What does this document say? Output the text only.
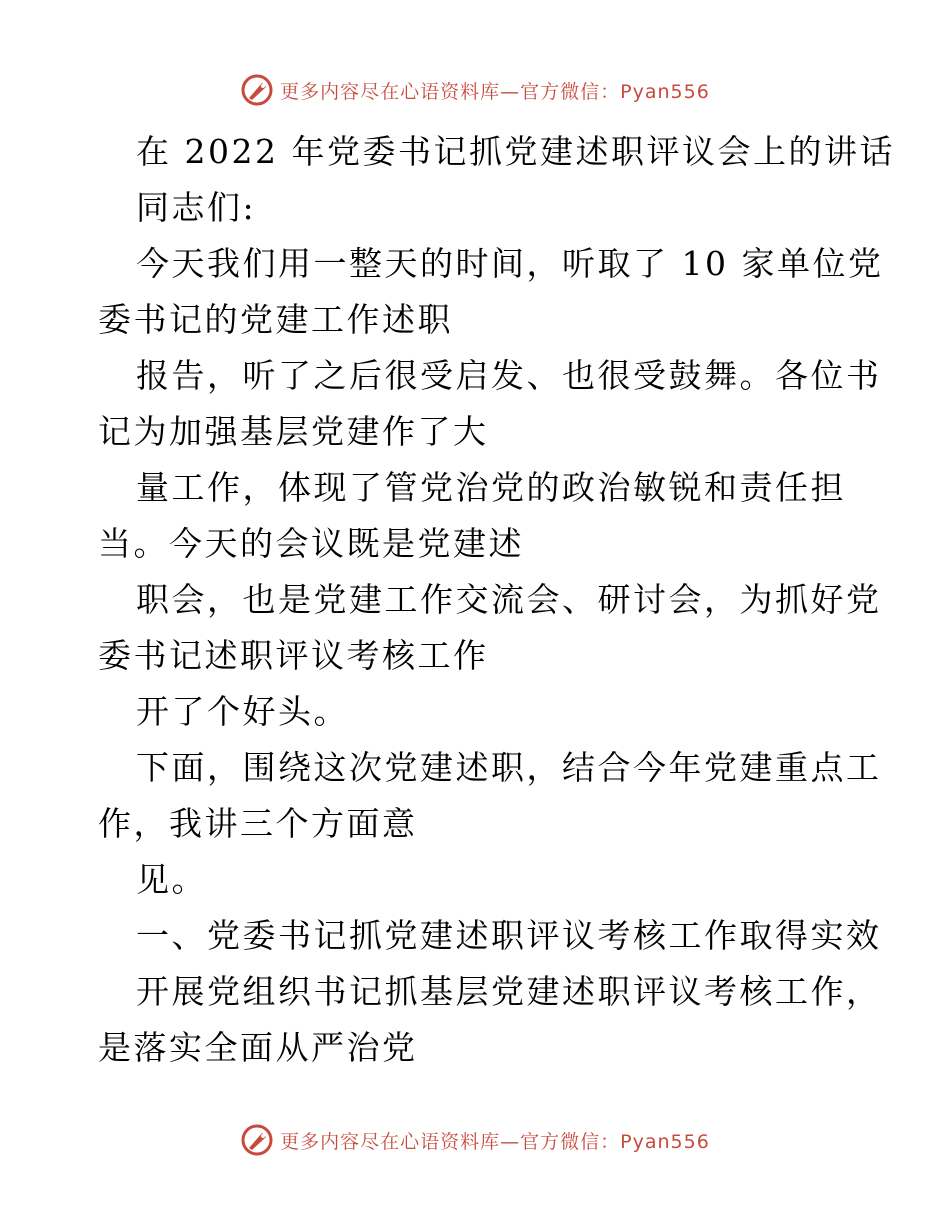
更多内容尽在心语资料库—官方微信：Pyan556
在 2022 年党委书记抓党建述职评议会上的讲话
同志们:
今天我们用一整天的时间，听取了 10 家单位党
委书记的党建工作述职
报告，听了之后很受启发、也很受鼓舞。各位书
记为加强基层党建作了大
量工作，体现了管党治党的政治敏锐和责任担
当。今天的会议既是党建述
职会，也是党建工作交流会、研讨会，为抓好党
委书记述职评议考核工作
开了个好头。
下面，围绕这次党建述职，结合今年党建重点工
作，我讲三个方面意
见。
一、党委书记抓党建述职评议考核工作取得实效
开展党组织书记抓基层党建述职评议考核工作，
是落实全面从严治党
更多内容尽在心语资料库—官方微信：Pyan556
